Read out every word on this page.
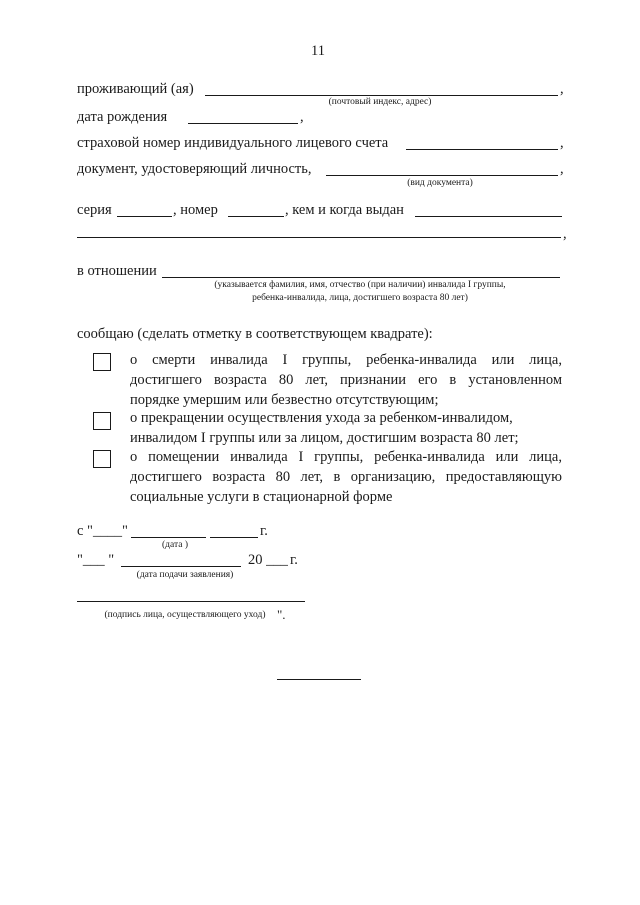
11
проживающий (ая)	,
(почтовый индекс, адрес)
дата рождения	,
страховой номер индивидуального лицевого счета	,
документ, удостоверяющий личность,	,
(вид документа)
серия	, номер	, кем и когда выдан
,
в отношении
(указывается фамилия, имя, отчество (при наличии) инвалида I группы,
ребенка-инвалида, лица, достигшего возраста 80 лет)
сообщаю (сделать отметку в соответствующем квадрате):
о смерти инвалида I группы, ребенка-инвалида или лица,
достигшего возраста 80 лет, признании его в установленном
порядке умершим или безвестно отсутствующим;
о прекращении осуществления ухода за ребенком-инвалидом,
инвалидом I группы или за лицом, достигшим возраста 80 лет;
о помещении инвалида I группы, ребенка-инвалида или лица,
достигшего возраста 80 лет, в организацию, предоставляющую
социальные услуги в стационарной форме
с "____"	г.
(дата )
"___ "	20 ___ г.
(дата подачи заявления)
(подпись лица, осуществляющего уход) ".
